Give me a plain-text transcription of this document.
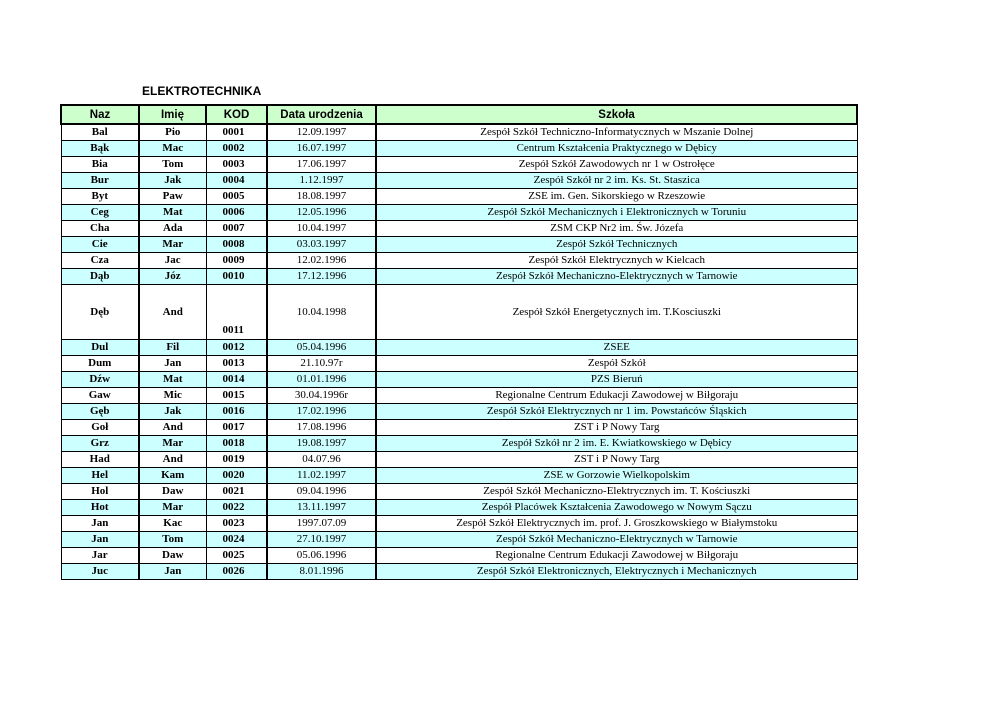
ELEKTROTECHNIKA
Naz	Imię	KOD	Data urodzenia	Szkoła
Bal	Pio	0001	12.09.1997	Zespół Szkół Techniczno-Informatycznych w Mszanie Dolnej
Bąk	Mac	0002	16.07.1997	Centrum Kształcenia Praktycznego w Dębicy
Bia	Tom	0003	17.06.1997	Zespół Szkół Zawodowych nr 1 w Ostrołęce
Bur	Jak	0004	1.12.1997	Zespół Szkół nr 2 im. Ks. St. Staszica
Byt	Paw	0005	18.08.1997	ZSE im. Gen. Sikorskiego w Rzeszowie
Ceg	Mat	0006	12.05.1996	Zespół Szkół Mechanicznych i Elektronicznych w Toruniu
Cha	Ada	0007	10.04.1997	ZSM CKP Nr2 im. Św. Józefa
Cie	Mar	0008	03.03.1997	Zespół Szkół Technicznych
Cza	Jac	0009	12.02.1996	Zespół Szkół Elektrycznych w Kielcach
Dąb	Józ	0010	17.12.1996	Zespół Szkół Mechaniczno-Elektrycznych w Tarnowie
Dęb	And	0011	10.04.1998	Zespół Szkół Energetycznych im. T.Kosciuszki
Dul	Fil	0012	05.04.1996	ZSEE
Dum	Jan	0013	21.10.97r	Zespół Szkół
Dźw	Mat	0014	01.01.1996	PZS Bieruń
Gaw	Mic	0015	30.04.1996r	Regionalne Centrum Edukacji Zawodowej w Biłgoraju
Gęb	Jak	0016	17.02.1996	Zespół Szkół Elektrycznych nr 1 im. Powstańców Śląskich
Goł	And	0017	17.08.1996	ZST i P Nowy Targ
Grz	Mar	0018	19.08.1997	Zespół Szkół nr 2 im. E. Kwiatkowskiego w Dębicy
Had	And	0019	04.07.96	ZST i P Nowy Targ
Hel	Kam	0020	11.02.1997	ZSE w Gorzowie Wielkopolskim
Hol	Daw	0021	09.04.1996	Zespół Szkół Mechaniczno-Elektrycznych im. T. Kościuszki
Hot	Mar	0022	13.11.1997	Zespół Placówek Kształcenia Zawodowego w Nowym Sączu
Jan	Kac	0023	1997.07.09	Zespół Szkół Elektrycznych im. prof. J. Groszkowskiego w Białymstoku
Jan	Tom	0024	27.10.1997	Zespół Szkół Mechaniczno-Elektrycznych w Tarnowie
Jar	Daw	0025	05.06.1996	Regionalne Centrum Edukacji Zawodowej w Biłgoraju
Juc	Jan	0026	8.01.1996	Zespół Szkół Elektronicznych, Elektrycznych i Mechanicznych
